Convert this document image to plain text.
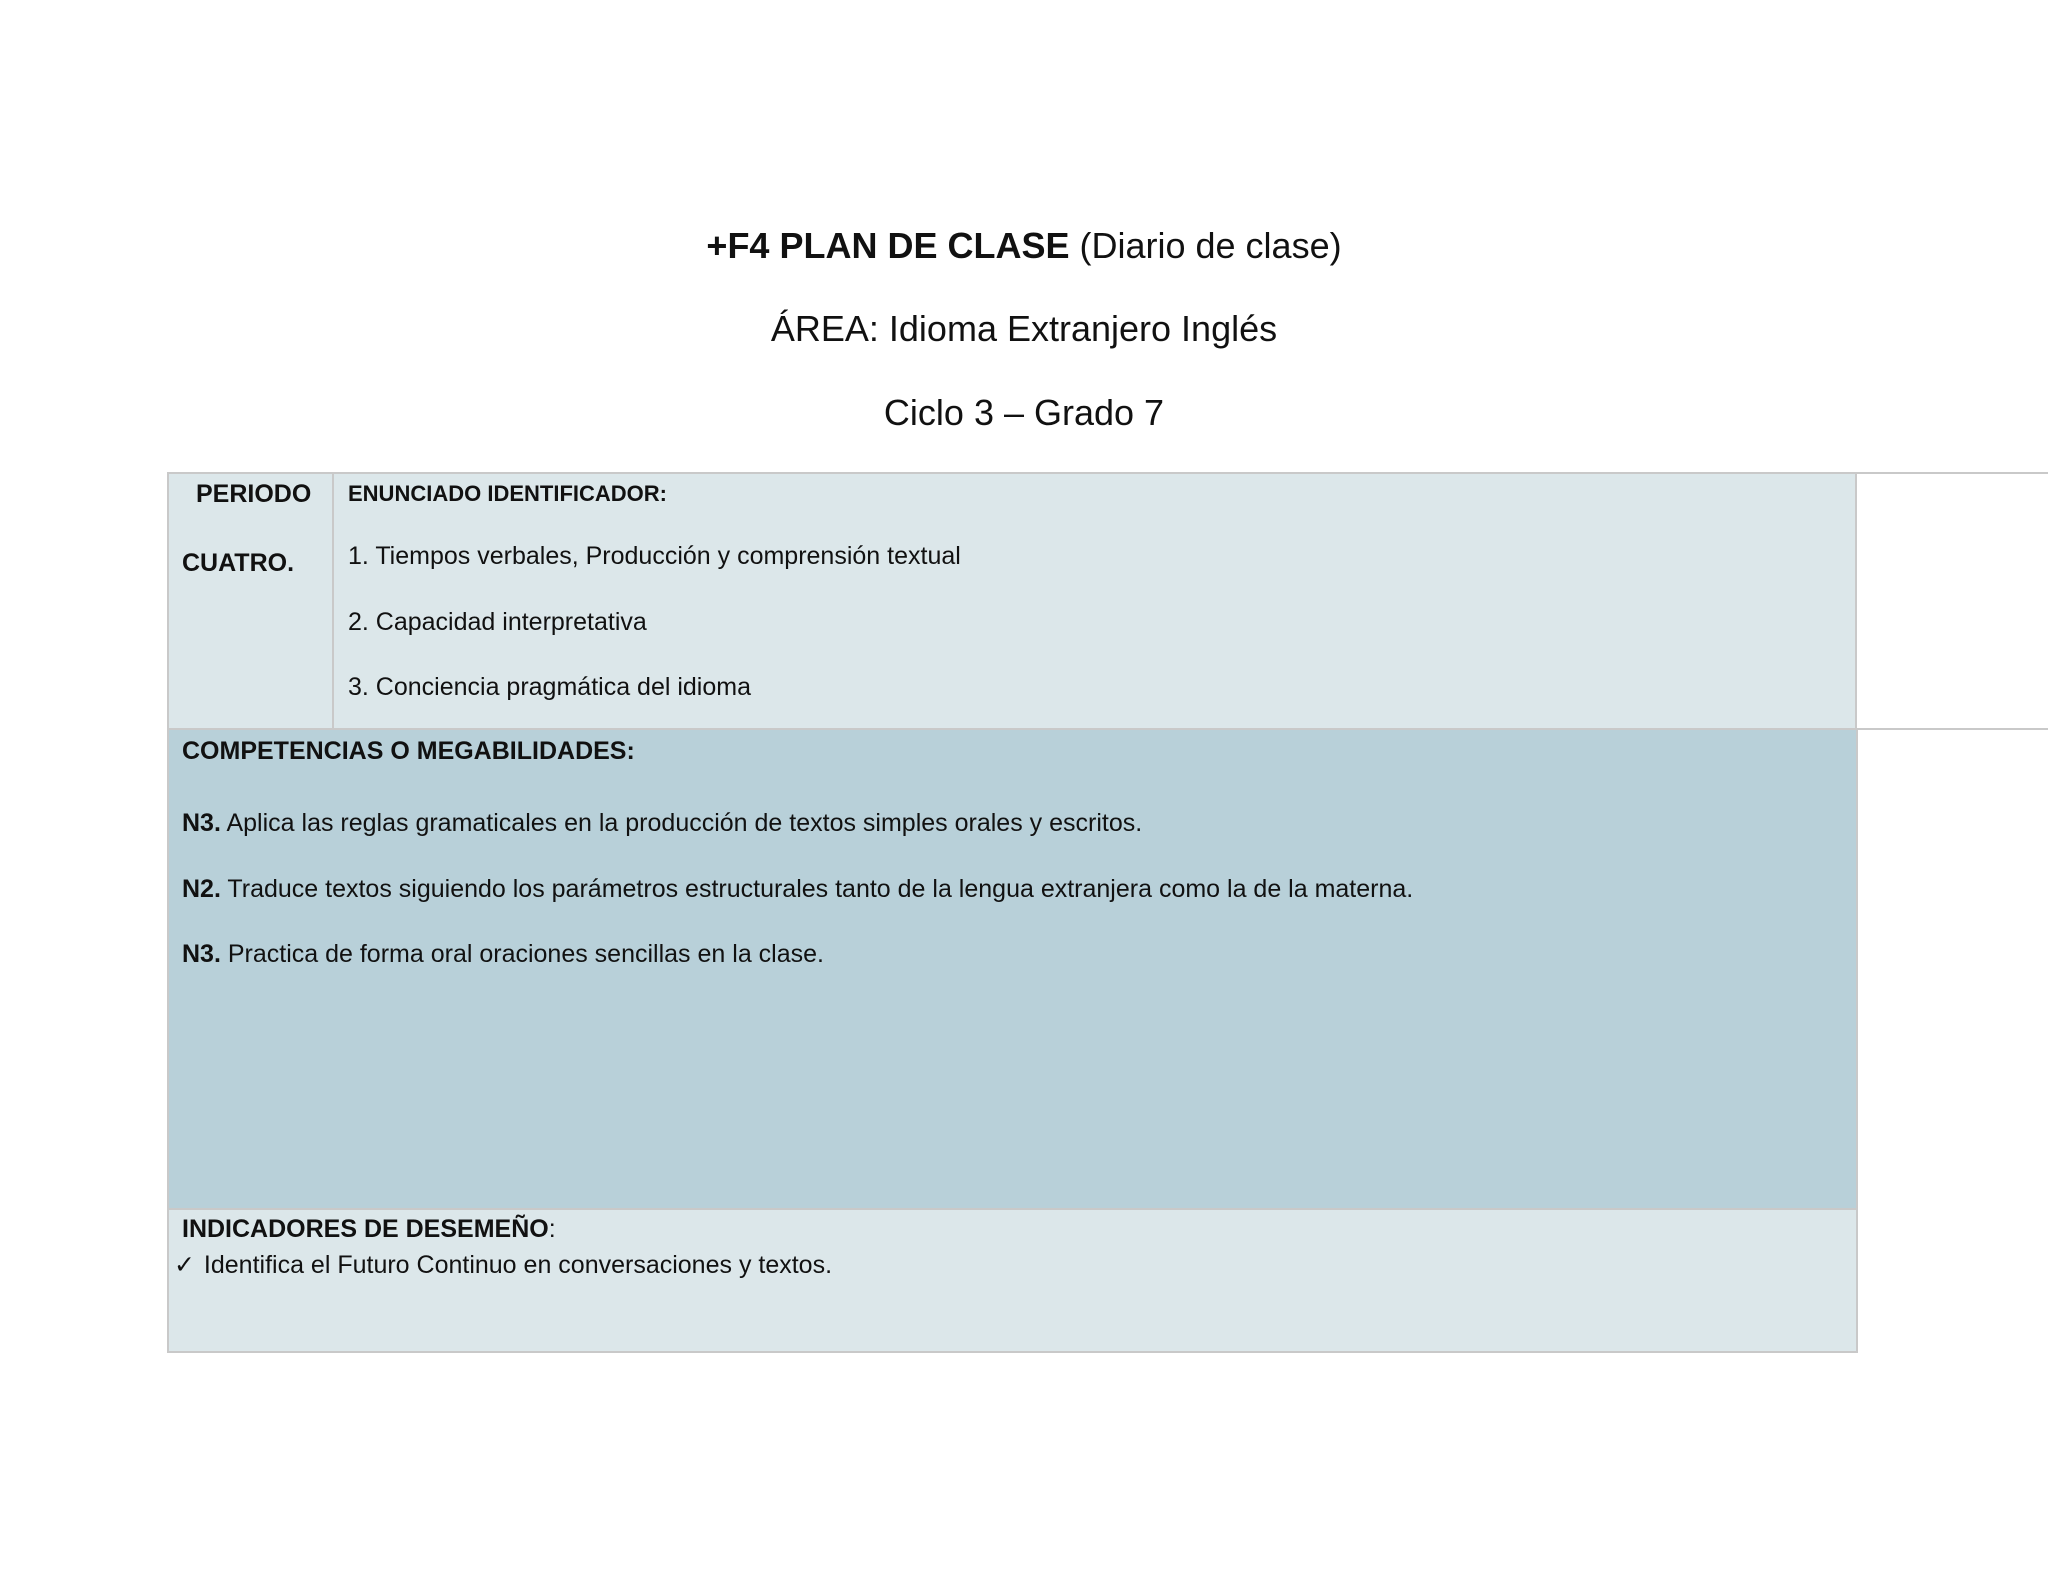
+F4 PLAN DE CLASE (Diario de clase)
ÁREA: Idioma Extranjero Inglés
Ciclo 3 – Grado 7
PERIODO
CUATRO.
ENUNCIADO IDENTIFICADOR:
1. Tiempos verbales, Producción y comprensión textual
2. Capacidad interpretativa
3. Conciencia pragmática del idioma
COMPETENCIAS O MEGABILIDADES:
N3. Aplica las reglas gramaticales en la producción de textos simples orales y escritos.
N2. Traduce textos siguiendo los parámetros estructurales tanto de la lengua extranjera como la de la materna.
N3. Practica de forma oral oraciones sencillas en la clase.
INDICADORES DE DESEMEÑO:
✓ Identifica el Futuro Continuo en conversaciones y textos.
